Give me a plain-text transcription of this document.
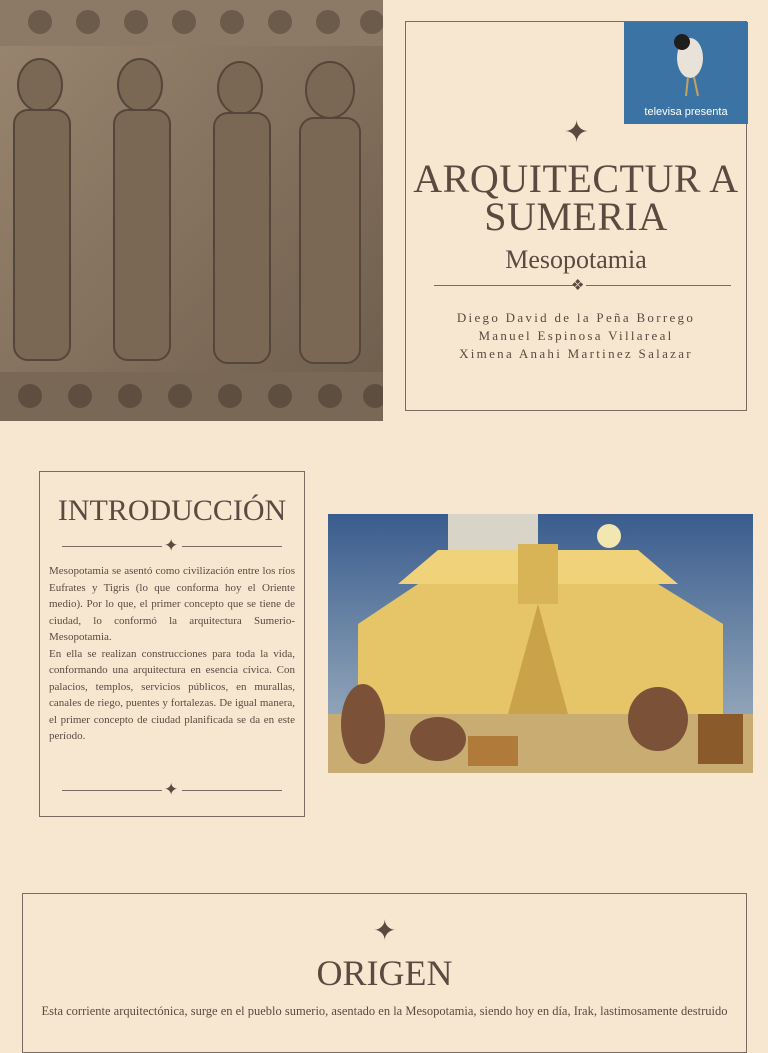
televisa presenta
✦
ARQUITECTUR A SUMERIA
Mesopotamia
❖
Diego David de la Peña Borrego
Manuel Espinosa Villareal
Ximena Anahi Martinez Salazar
INTRODUCCIÓN
✦

Mesopotamia se asentó como civilización entre los ríos Eufrates y Tigris (lo que conforma hoy el Oriente medio). Por lo que, el primer concepto que se tiene de ciudad, lo conformó la arquitectura Sumerio-Mesopotamia.

En ella se realizan construcciones para toda la vida, conformando una arquitectura en esencia cívica. Con palacios, templos, servicios públicos, en murallas, canales de riego, puentes y fortalezas. De igual manera, el primer concepto de ciudad planificada se da en este período.

✦
✦
ORIGEN
Esta corriente arquitectónica, surge en el pueblo sumerio, asentado en la Mesopotamia, siendo hoy en día, Irak, lastimosamente destruido
